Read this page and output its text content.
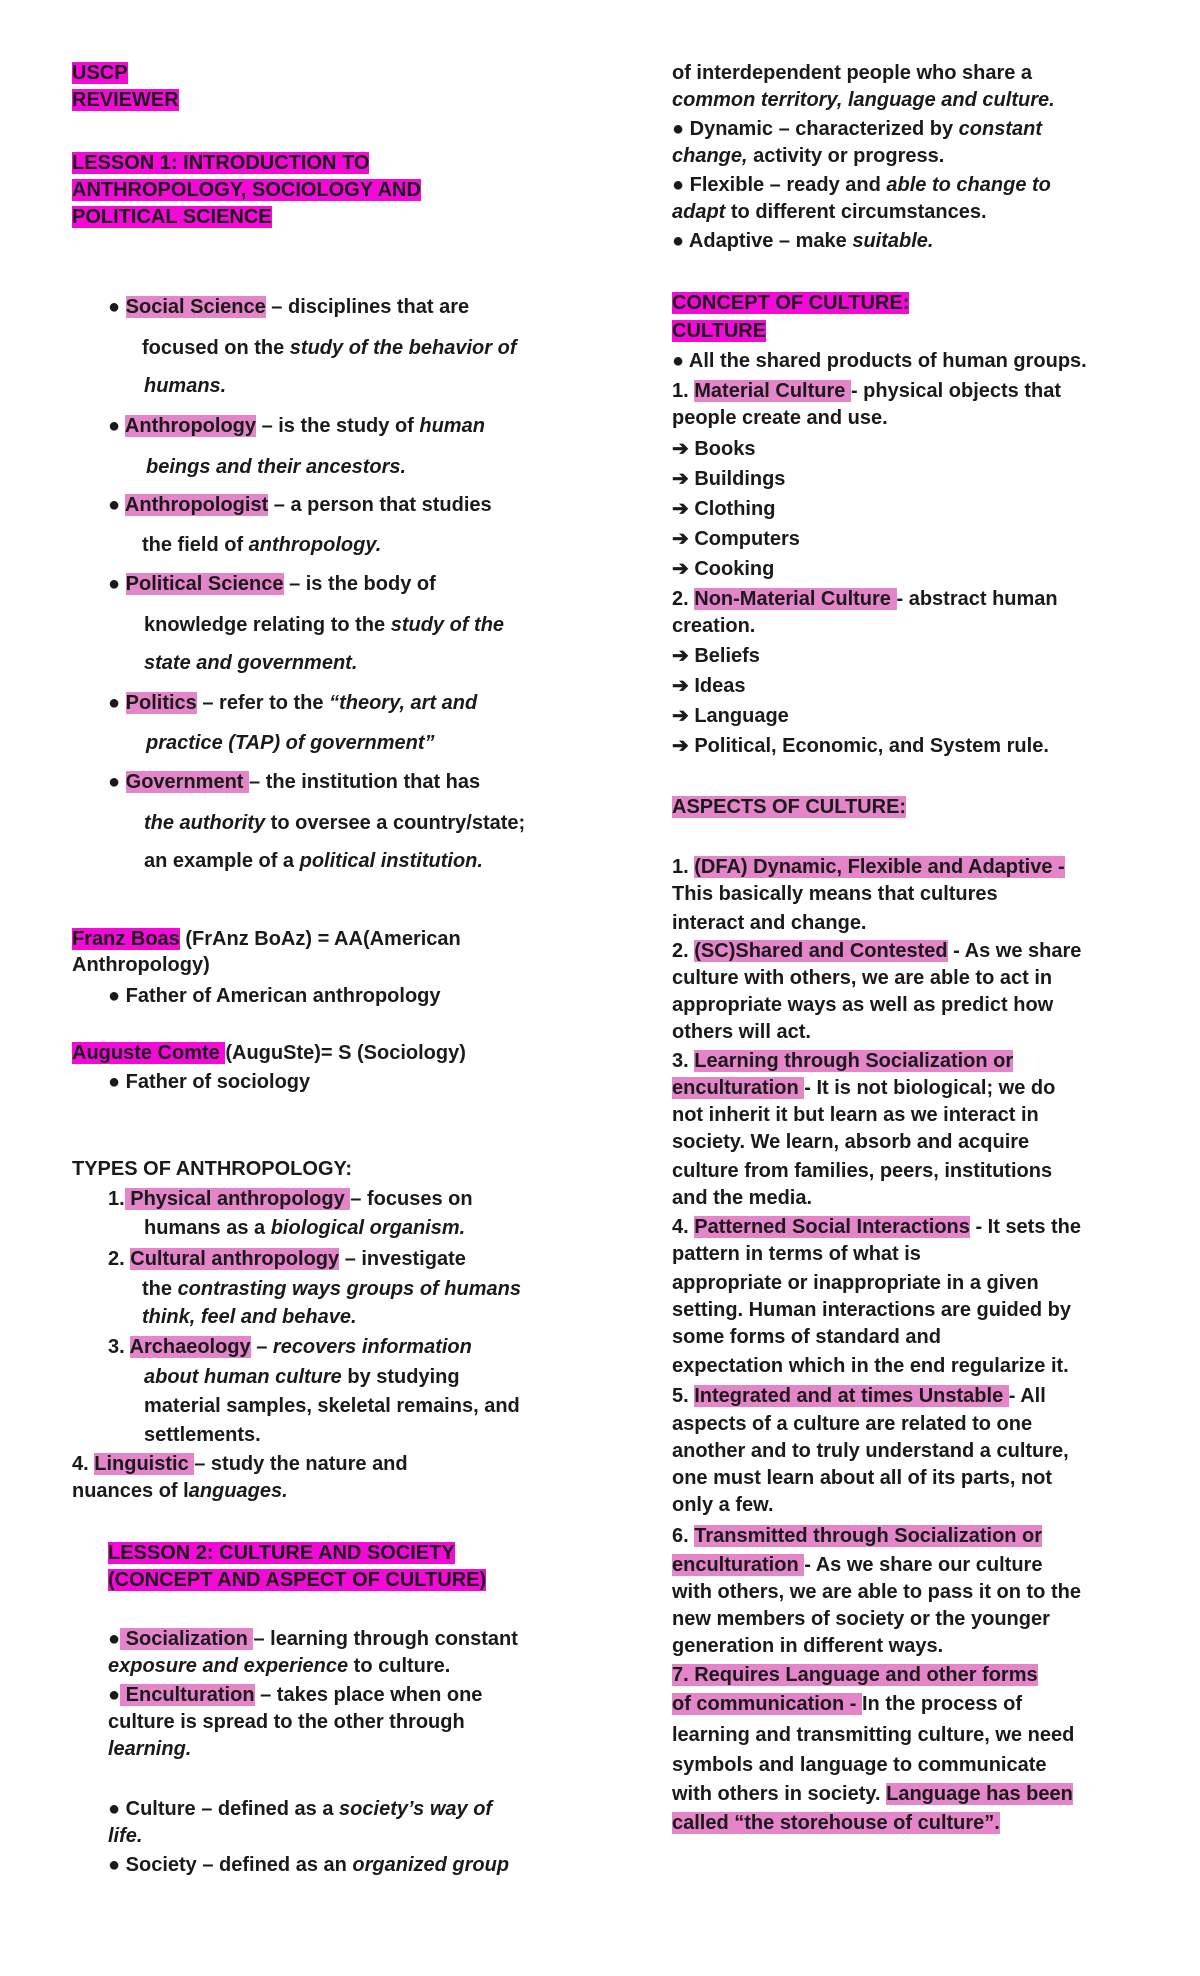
USCP
REVIEWER
LESSON 1: INTRODUCTION TO
ANTHROPOLOGY, SOCIOLOGY AND
POLITICAL SCIENCE
● Social Science – disciplines that are
focused on the study of the behavior of
humans.
● Anthropology – is the study of human
beings and their ancestors.
● Anthropologist – a person that studies
the field of anthropology.
● Political Science – is the body of
knowledge relating to the study of the
state and government.
● Politics – refer to the “theory, art and
practice (TAP) of government”
● Government – the institution that has
the authority to oversee a country/state;
an example of a political institution.
Franz Boas (FrAnz BoAz) = AA(American
Anthropology)
● Father of American anthropology
Auguste Comte (AuguSte)= S (Sociology)
● Father of sociology
TYPES OF ANTHROPOLOGY:
1. Physical anthropology – focuses on
humans as a biological organism.
2. Cultural anthropology – investigate
the contrasting ways groups of humans
think, feel and behave.
3. Archaeology – recovers information
about human culture by studying
material samples, skeletal remains, and
settlements.
4. Linguistic – study the nature and
nuances of languages.
LESSON 2: CULTURE AND SOCIETY
(CONCEPT AND ASPECT OF CULTURE)
● Socialization – learning through constant
exposure and experience to culture.
● Enculturation – takes place when one
culture is spread to the other through
learning.
● Culture – defined as a society’s way of
life.
● Society – defined as an organized group
of interdependent people who share a
common territory, language and culture.
● Dynamic – characterized by constant
change, activity or progress.
● Flexible – ready and able to change to
adapt to different circumstances.
● Adaptive – make suitable.
CONCEPT OF CULTURE:
CULTURE
● All the shared products of human groups.
1. Material Culture - physical objects that
people create and use.
➔ Books
➔ Buildings
➔ Clothing
➔ Computers
➔ Cooking
2. Non-Material Culture - abstract human
creation.
➔ Beliefs
➔ Ideas
➔ Language
➔ Political, Economic, and System rule.
ASPECTS OF CULTURE:
1. (DFA) Dynamic, Flexible and Adaptive -
This basically means that cultures
interact and change.
2. (SC)Shared and Contested - As we share
culture with others, we are able to act in
appropriate ways as well as predict how
others will act.
3. Learning through Socialization or
enculturation - It is not biological; we do
not inherit it but learn as we interact in
society. We learn, absorb and acquire
culture from families, peers, institutions
and the media.
4. Patterned Social Interactions - It sets the
pattern in terms of what is
appropriate or inappropriate in a given
setting. Human interactions are guided by
some forms of standard and
expectation which in the end regularize it.
5. Integrated and at times Unstable - All
aspects of a culture are related to one
another and to truly understand a culture,
one must learn about all of its parts, not
only a few.
6. Transmitted through Socialization or
enculturation - As we share our culture
with others, we are able to pass it on to the
new members of society or the younger
generation in different ways.
7. Requires Language and other forms
of communication - In the process of
learning and transmitting culture, we need
symbols and language to communicate
with others in society. Language has been
called “the storehouse of culture”.
